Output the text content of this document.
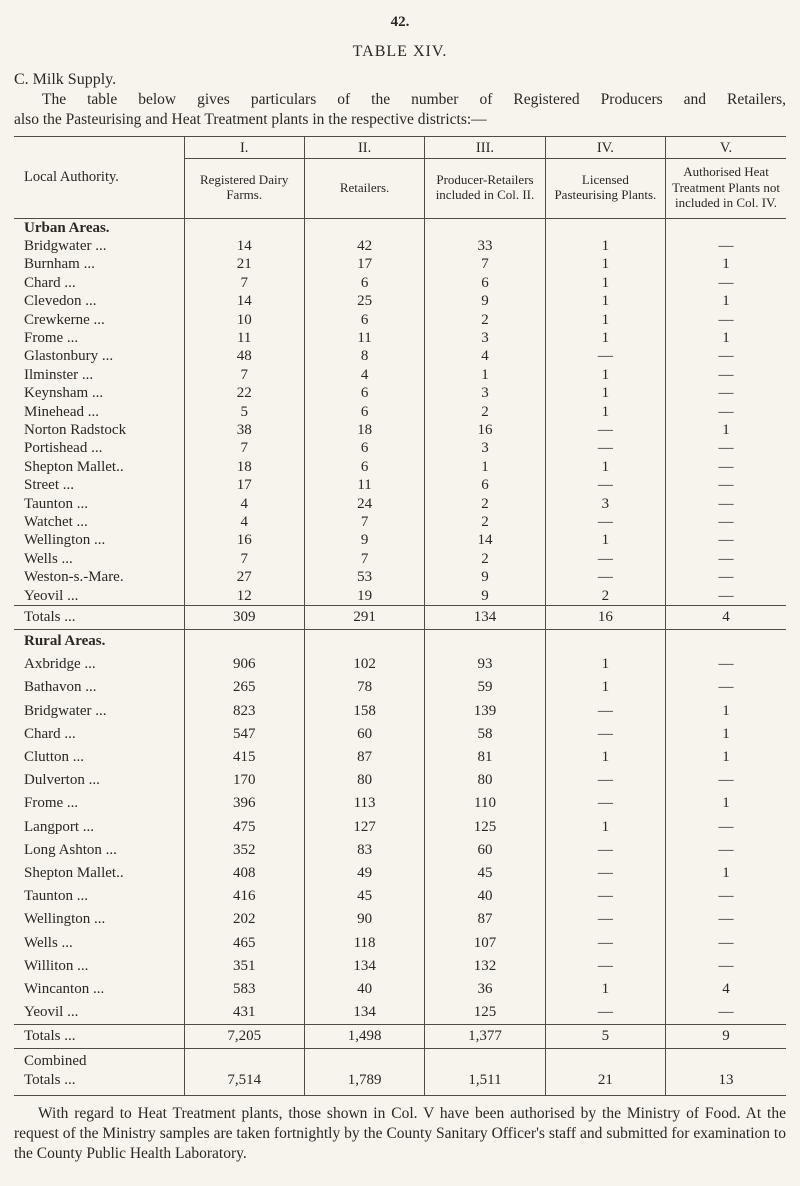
42.
TABLE XIV.
C. Milk Supply.
The table below gives particulars of the number of Registered Producers and Retailers,
also the Pasteurising and Heat Treatment plants in the respective districts:—
Local Authority.	I.	II.	III.	IV.	V.
	Registered Dairy Farms.	Retailers.	Producer-Retailers included in Col. II.	Licensed Pasteurising Plants.	Authorised Heat Treatment Plants not included in Col. IV.
Urban Areas.					
Bridgwater ...	14	42	33	1	—
Burnham ...	21	17	7	1	1
Chard ...	7	6	6	1	—
Clevedon ...	14	25	9	1	1
Crewkerne ...	10	6	2	1	—
Frome ...	11	11	3	1	1
Glastonbury ...	48	8	4	—	—
Ilminster ...	7	4	1	1	—
Keynsham ...	22	6	3	1	—
Minehead ...	5	6	2	1	—
Norton Radstock	38	18	16	—	1
Portishead ...	7	6	3	—	—
Shepton Mallet..	18	6	1	1	—
Street ...	17	11	6	—	—
Taunton ...	4	24	2	3	—
Watchet ...	4	7	2	—	—
Wellington ...	16	9	14	1	—
Wells ...	7	7	2	—	—
Weston-s.-Mare.	27	53	9	—	—
Yeovil ...	12	19	9	2	—
Totals ...	309	291	134	16	4
Rural Areas.					
Axbridge ...	906	102	93	1	—
Bathavon ...	265	78	59	1	—
Bridgwater ...	823	158	139	—	1
Chard ...	547	60	58	—	1
Clutton ...	415	87	81	1	1
Dulverton ...	170	80	80	—	—
Frome ...	396	113	110	—	1
Langport ...	475	127	125	1	—
Long Ashton ...	352	83	60	—	—
Shepton Mallet..	408	49	45	—	1
Taunton ...	416	45	40	—	—
Wellington ...	202	90	87	—	—
Wells ...	465	118	107	—	—
Williton ...	351	134	132	—	—
Wincanton ...	583	40	36	1	4
Yeovil ...	431	134	125	—	—
Totals ...	7,205	1,498	1,377	5	9

Combined
Totals ...	7,514	1,789	1,511	21	13

With regard to Heat Treatment plants, those shown in Col. V have been authorised by the Ministry of Food. At the request of the Ministry samples are taken fortnightly by the County Sanitary Officer's staff and submitted for examination to the County Public Health Laboratory.
